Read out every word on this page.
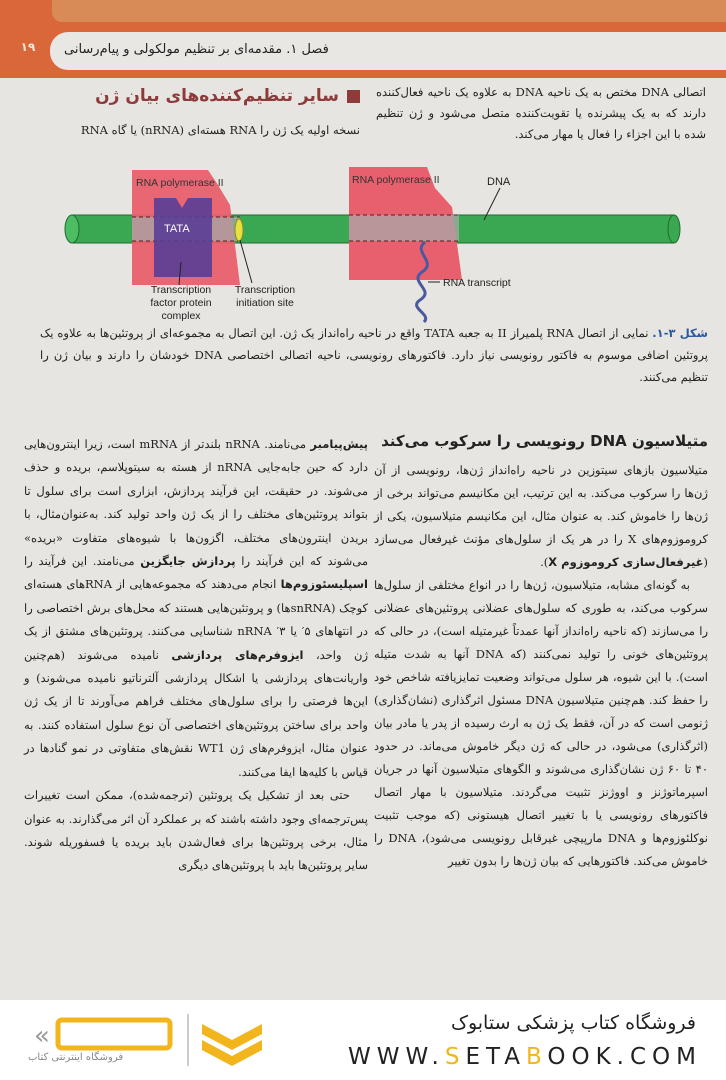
۱۹	فصل ۱. مقدمه‌ای بر تنظیم مولکولی و پیام‌رسانی

اتصالی DNA مختص به یک ناحیه DNA به علاوه یک ناحیه فعال‌کننده دارند که به یک پیشرنده یا تقویت‌کننده متصل می‌شود و ژن تنظیم شده با این اجزاء را فعال یا مهار می‌کند.

سایر تنظیم‌کننده‌های بیان ژن

نسخه اولیه یک ژن را RNA هسته‌ای (nRNA) یا گاه RNA

RNA polymerase II	RNA polymerase II	DNA
TATA
Transcription
factor protein
complex
Transcription
initiation site
RNA transcript

شکل ۳-۱. نمایی از اتصال RNA پلمیراز II به جعبه TATA واقع در ناحیه راه‌انداز یک ژن. این اتصال به مجموعه‌ای از پروتئین‌ها به علاوه یک پروتئین اضافی موسوم به فاکتور رونویسی نیاز دارد. فاکتورهای رونویسی، ناحیه اتصالی اختصاصی DNA خودشان را دارند و بیان ژن را تنظیم می‌کنند.

متیلاسیون DNA رونویسی را سرکوب می‌کند

متیلاسیون بازهای سیتوزین در ناحیه راه‌انداز ژن‌ها، رونویسی از آن ژن‌ها را سرکوب می‌کند. به این ترتیب، این مکانیسم می‌تواند برخی از ژن‌ها را خاموش کند. به عنوان مثال، این مکانیسم متیلاسیون، یکی از کروموزوم‌های X را در هر یک از سلول‌های مؤنث غیرفعال می‌سازد (غیرفعال‌سازی کروموزوم X).

به گونه‌ای مشابه، متیلاسیون، ژن‌ها را در انواع مختلفی از سلول‌ها سرکوب می‌کند، به طوری که سلول‌های عضلانی پروتئین‌های عضلانی را می‌سازند (که ناحیه راه‌انداز آنها عمدتاً غیرمتیله است)، در حالی که پروتئین‌های خونی را تولید نمی‌کنند (که DNA آنها به شدت متیله است). با این شیوه، هر سلول می‌تواند وضعیت تمایزیافته شاخص خود را حفظ کند. هم‌چنین متیلاسیون DNA مسئول اثرگذاری (نشان‌گذاری) ژنومی است که در آن، فقط یک ژن به ارث رسیده از پدر یا مادر بیان (اثرگذاری) می‌شود، در حالی که ژن دیگر خاموش می‌ماند. در حدود ۴۰ تا ۶۰ ژن نشان‌گذاری می‌شوند و الگوهای متیلاسیون آنها در جریان اسپرماتوژنز و اووژنز تثبیت می‌گردند. متیلاسیون با مهار اتصال فاکتورهای رونویسی یا با تغییر اتصال هیستونی (که موجب تثبیت نوکلئوزوم‌ها و DNA مارپیچی غیرقابل رونویسی می‌شود)، DNA را خاموش می‌کند. فاکتورهایی که بیان ژن‌ها را بدون تغییر

پیش‌پیامبر می‌نامند. nRNA بلندتر از mRNA است، زیرا اینترون‌هایی دارد که حین جابه‌جایی nRNA از هسته به سیتوپلاسم، بریده و حذف می‌شوند. در حقیقت، این فرآیند پردازش، ابزاری است برای سلول تا بتواند پروتئین‌های مختلف را از یک ژن واحد تولید کند. به‌عنوان‌مثال، با بریدن اینترون‌های مختلف، اگزون‌ها با شیوه‌های متفاوت «بریده» می‌شوند که این فرآیند را پردازش جایگزین می‌نامند. این فرآیند را اسپلیسئوزوم‌ها انجام می‌دهند که مجموعه‌هایی از RNAهای هسته‌ای کوچک (snRNAها) و پروتئین‌هایی هستند که محل‌های برش اختصاصی را در انتهاهای ۵′ یا ۳′ nRNA شناسایی می‌کنند. پروتئین‌های مشتق از یک ژن واحد، ایزوفرم‌های پردازشی نامیده می‌شوند (هم‌چنین واریانت‌های پردازشی یا اشکال پردازشی آلترناتیو نامیده می‌شوند) و این‌ها فرصتی را برای سلول‌های مختلف فراهم می‌آورند تا از یک ژن واحد برای ساختن پروتئین‌های اختصاصی آن نوع سلول استفاده کنند. به عنوان مثال، ایزوفرم‌های ژن WT1 نقش‌های متفاوتی در نمو گنادها در قیاس با کلیه‌ها ایفا می‌کنند.

حتی بعد از تشکیل یک پروتئین (ترجمه‌شده)، ممکن است تغییرات پس‌ترجمه‌ای وجود داشته باشند که بر عملکرد آن اثر می‌گذارند. به عنوان مثال، برخی پروتئین‌ها برای فعال‌شدن باید بریده یا فسفوریله شوند. سایر پروتئین‌ها باید با پروتئین‌های دیگری

«
فروشگاه اینترنتی کتاب
فروشگاه کتاب پزشکی ستابوک
WWW.SETABOOK.COM
